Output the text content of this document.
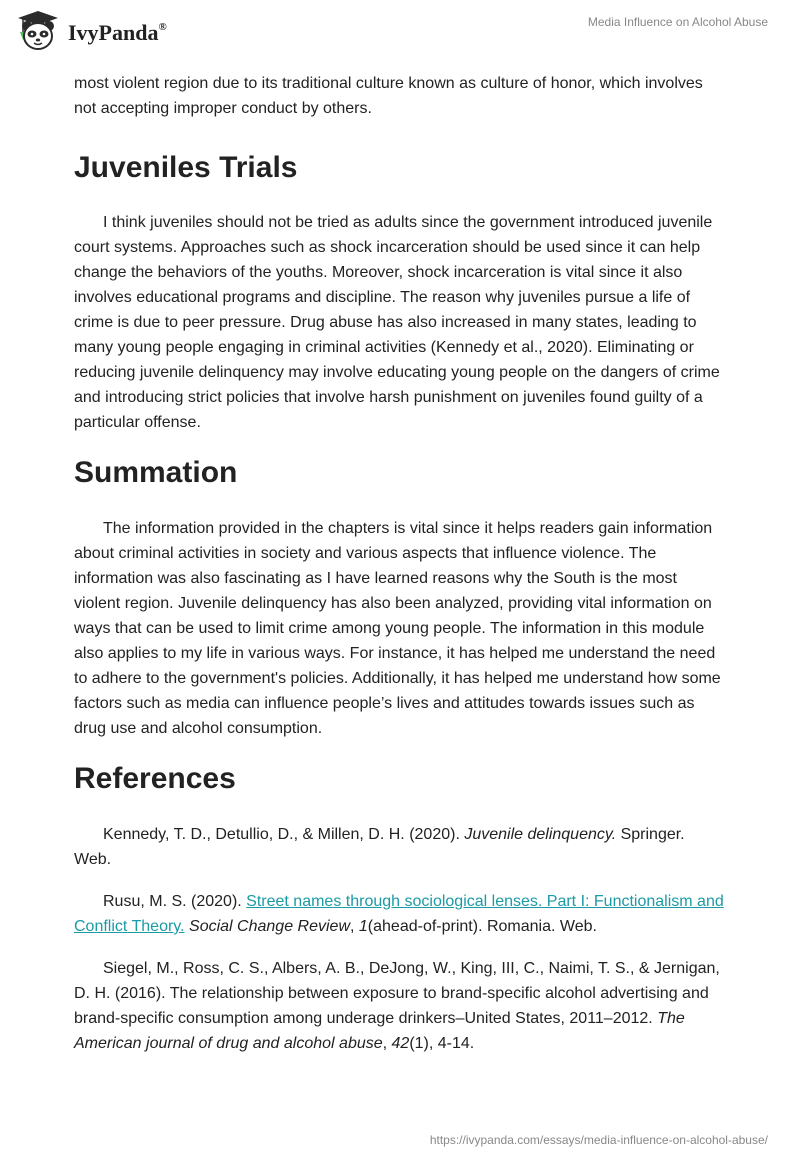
IvyPanda®	Media Influence on Alcohol Abuse

most violent region due to its traditional culture known as culture of honor, which involves not accepting improper conduct by others.

Juveniles Trials

I think juveniles should not be tried as adults since the government introduced juvenile court systems. Approaches such as shock incarceration should be used since it can help change the behaviors of the youths. Moreover, shock incarceration is vital since it also involves educational programs and discipline. The reason why juveniles pursue a life of crime is due to peer pressure. Drug abuse has also increased in many states, leading to many young people engaging in criminal activities (Kennedy et al., 2020). Eliminating or reducing juvenile delinquency may involve educating young people on the dangers of crime and introducing strict policies that involve harsh punishment on juveniles found guilty of a particular offense.

Summation

The information provided in the chapters is vital since it helps readers gain information about criminal activities in society and various aspects that influence violence. The information was also fascinating as I have learned reasons why the South is the most violent region. Juvenile delinquency has also been analyzed, providing vital information on ways that can be used to limit crime among young people. The information in this module also applies to my life in various ways. For instance, it has helped me understand the need to adhere to the government's policies. Additionally, it has helped me understand how some factors such as media can influence people’s lives and attitudes towards issues such as drug use and alcohol consumption.

References

Kennedy, T. D., Detullio, D., & Millen, D. H. (2020). Juvenile delinquency. Springer. Web.

Rusu, M. S. (2020). Street names through sociological lenses. Part I: Functionalism and Conflict Theory. Social Change Review, 1(ahead-of-print). Romania. Web.

Siegel, M., Ross, C. S., Albers, A. B., DeJong, W., King, III, C., Naimi, T. S., & Jernigan, D. H. (2016). The relationship between exposure to brand-specific alcohol advertising and brand-specific consumption among underage drinkers–United States, 2011–2012. The American journal of drug and alcohol abuse, 42(1), 4-14.

https://ivypanda.com/essays/media-influence-on-alcohol-abuse/
